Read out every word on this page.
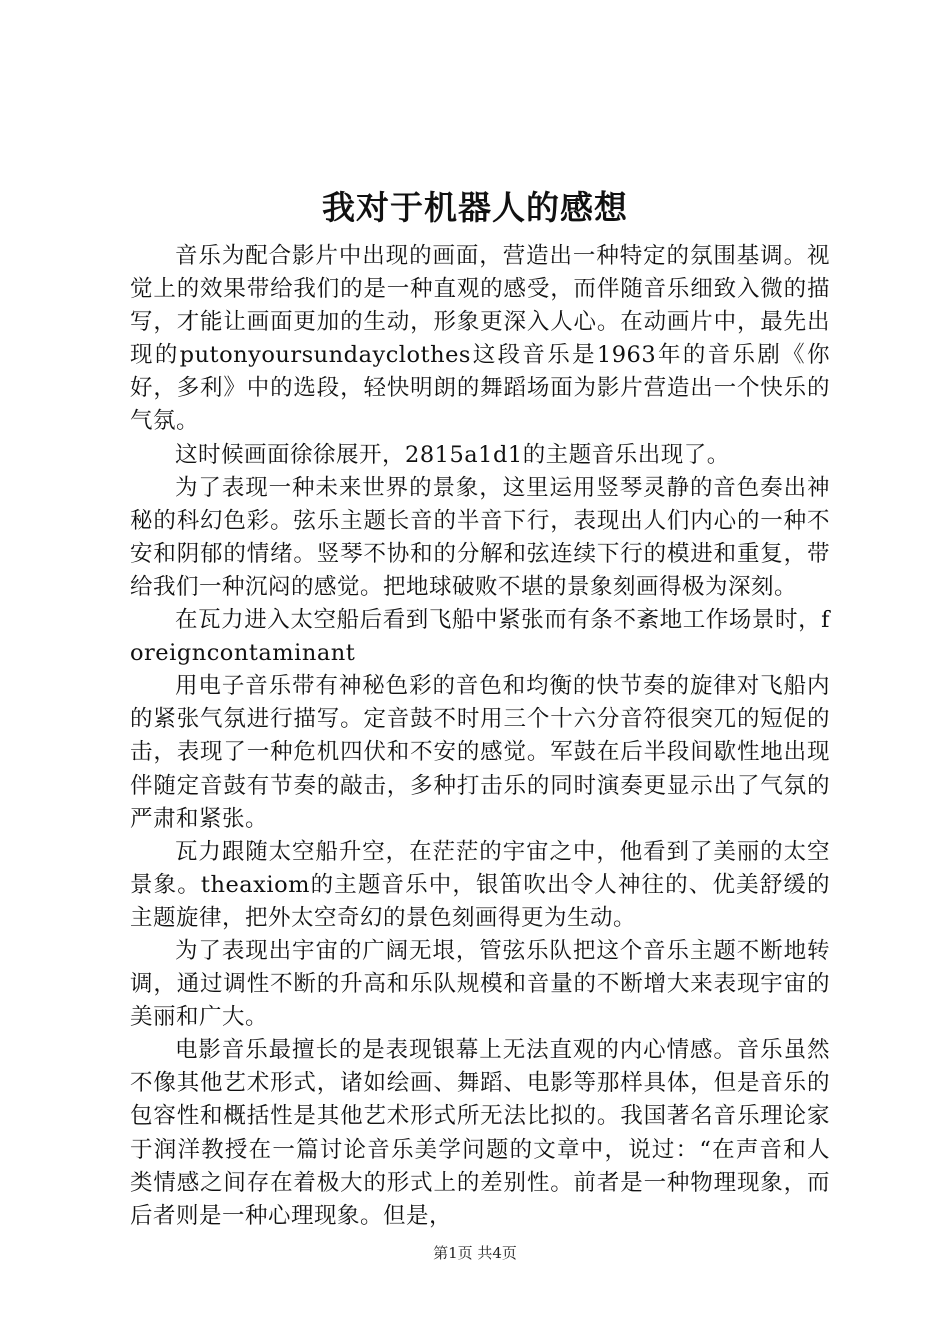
我对于机器人的感想

音乐为配合影片中出现的画面，营造出一种特定的氛围基调。视觉上的效果带给我们的是一种直观的感受，而伴随音乐细致入微的描写，才能让画面更加的生动，形象更深入人心。在动画片中，最先出现的putonyoursundayclothes这段音乐是1963年的音乐剧《你好，多利》中的选段，轻快明朗的舞蹈场面为影片营造出一个快乐的气氛。

这时候画面徐徐展开，2815a1d1的主题音乐出现了。

为了表现一种未来世界的景象，这里运用竖琴灵静的音色奏出神秘的科幻色彩。弦乐主题长音的半音下行，表现出人们内心的一种不安和阴郁的情绪。竖琴不协和的分解和弦连续下行的模进和重复，带给我们一种沉闷的感觉。把地球破败不堪的景象刻画得极为深刻。

在瓦力进入太空船后看到飞船中紧张而有条不紊地工作场景时，foreigncontaminant

用电子音乐带有神秘色彩的音色和均衡的快节奏的旋律对飞船内的紧张气氛进行描写。定音鼓不时用三个十六分音符很突兀的短促的击，表现了一种危机四伏和不安的感觉。军鼓在后半段间歇性地出现伴随定音鼓有节奏的敲击，多种打击乐的同时演奏更显示出了气氛的严肃和紧张。

瓦力跟随太空船升空，在茫茫的宇宙之中，他看到了美丽的太空景象。theaxiom的主题音乐中，银笛吹出令人神往的、优美舒缓的主题旋律，把外太空奇幻的景色刻画得更为生动。

为了表现出宇宙的广阔无垠，管弦乐队把这个音乐主题不断地转调，通过调性不断的升高和乐队规模和音量的不断增大来表现宇宙的美丽和广大。

电影音乐最擅长的是表现银幕上无法直观的内心情感。音乐虽然不像其他艺术形式，诸如绘画、舞蹈、电影等那样具体，但是音乐的包容性和概括性是其他艺术形式所无法比拟的。我国著名音乐理论家于润洋教授在一篇讨论音乐美学问题的文章中，说过：“在声音和人类情感之间存在着极大的形式上的差别性。前者是一种物理现象，而后者则是一种心理现象。但是，

第1页 共4页
